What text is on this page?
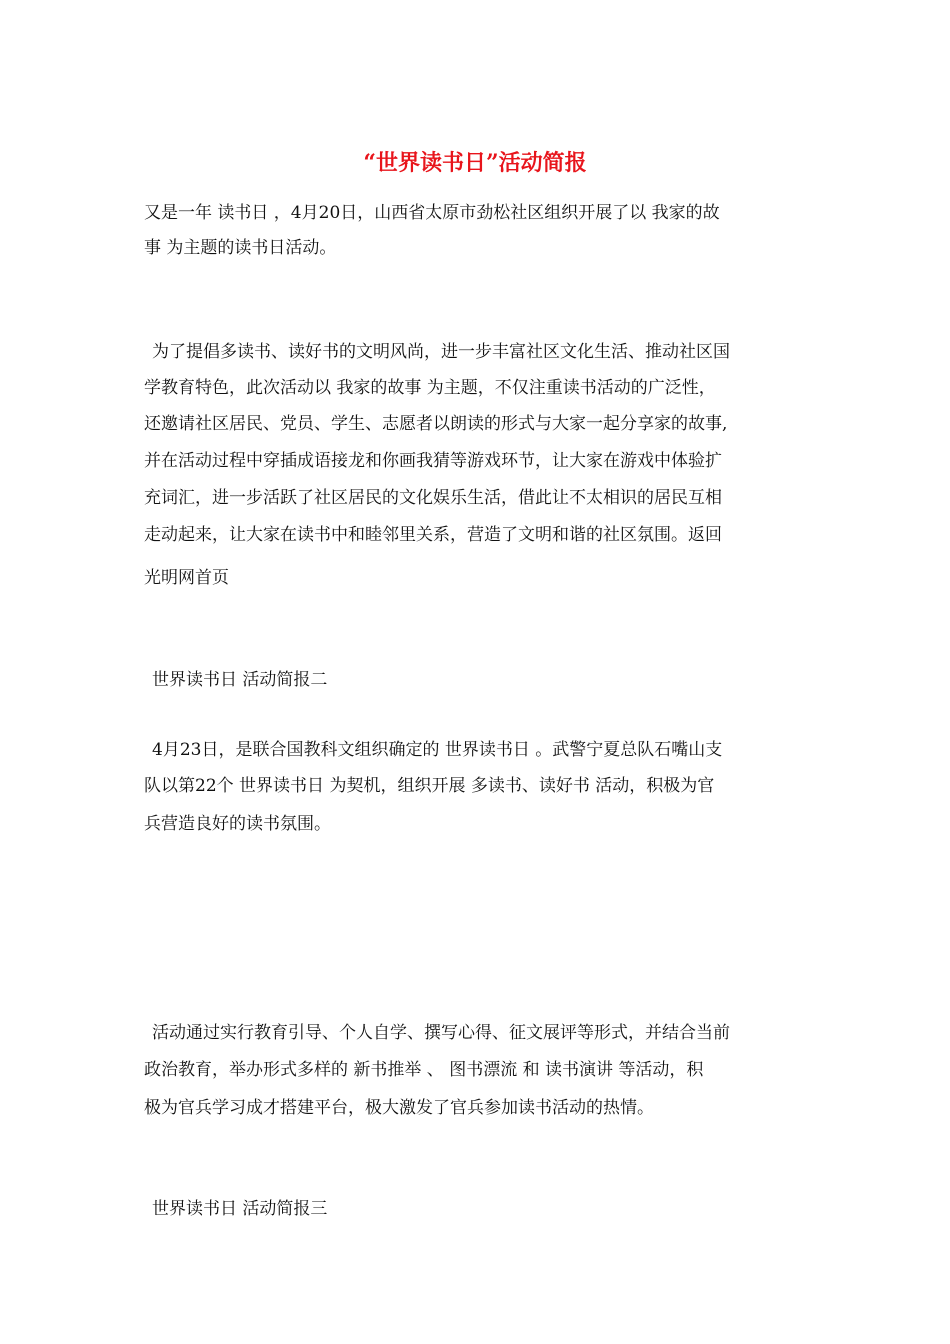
“世界读书日”活动简报

又是一年 读书日 ，4月20日，山西省太原市劲松社区组织开展了以 我家的故

事 为主题的读书日活动。

为了提倡多读书、读好书的文明风尚，进一步丰富社区文化生活、推动社区国

学教育特色，此次活动以 我家的故事 为主题，不仅注重读书活动的广泛性，

还邀请社区居民、党员、学生、志愿者以朗读的形式与大家一起分享家的故事,

并在活动过程中穿插成语接龙和你画我猜等游戏环节，让大家在游戏中体验扩

充词汇，进一步活跃了社区居民的文化娱乐生活，借此让不太相识的居民互相

走动起来，让大家在读书中和睦邻里关系，营造了文明和谐的社区氛围。返回

光明网首页

世界读书日 活动简报二

4月23日，是联合国教科文组织确定的 世界读书日 。武警宁夏总队石嘴山支

队以第22个 世界读书日 为契机，组织开展 多读书、读好书 活动，积极为官

兵营造良好的读书氛围。

活动通过实行教育引导、个人自学、撰写心得、征文展评等形式，并结合当前

政治教育，举办形式多样的 新书推举 、 图书漂流 和 读书演讲 等活动，积

极为官兵学习成才搭建平台，极大激发了官兵参加读书活动的热情。

世界读书日 活动简报三
